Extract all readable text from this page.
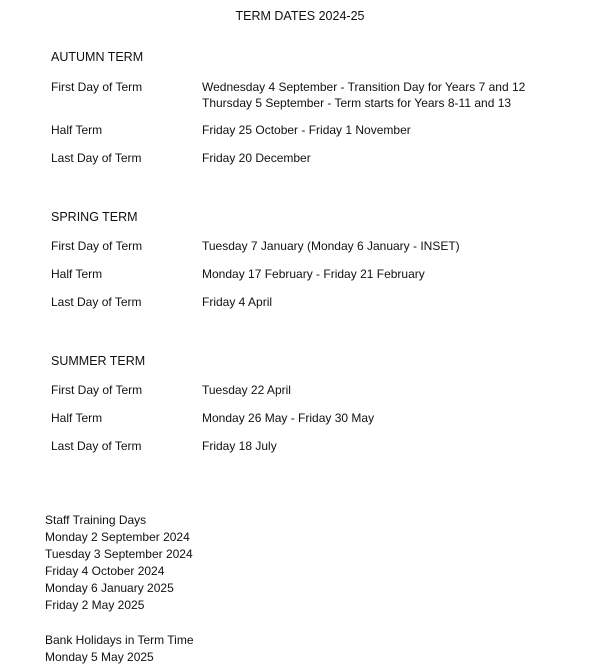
TERM DATES 2024-25
AUTUMN TERM
First Day of Term	Wednesday 4 September - Transition Day for Years 7 and 12
Thursday 5 September - Term starts for Years 8-11 and 13
Half Term	Friday 25 October - Friday 1 November
Last Day of Term	Friday 20 December
SPRING TERM
First Day of Term	Tuesday 7 January (Monday 6 January - INSET)
Half Term	Monday 17 February - Friday 21 February
Last Day of Term	Friday 4 April
SUMMER TERM
First Day of Term	Tuesday 22 April
Half Term	Monday 26 May - Friday 30 May
Last Day of Term	Friday 18 July
Staff Training Days
Monday 2 September 2024
Tuesday 3 September 2024
Friday 4 October 2024
Monday 6 January 2025
Friday 2 May 2025
Bank Holidays in Term Time
Monday 5 May 2025
